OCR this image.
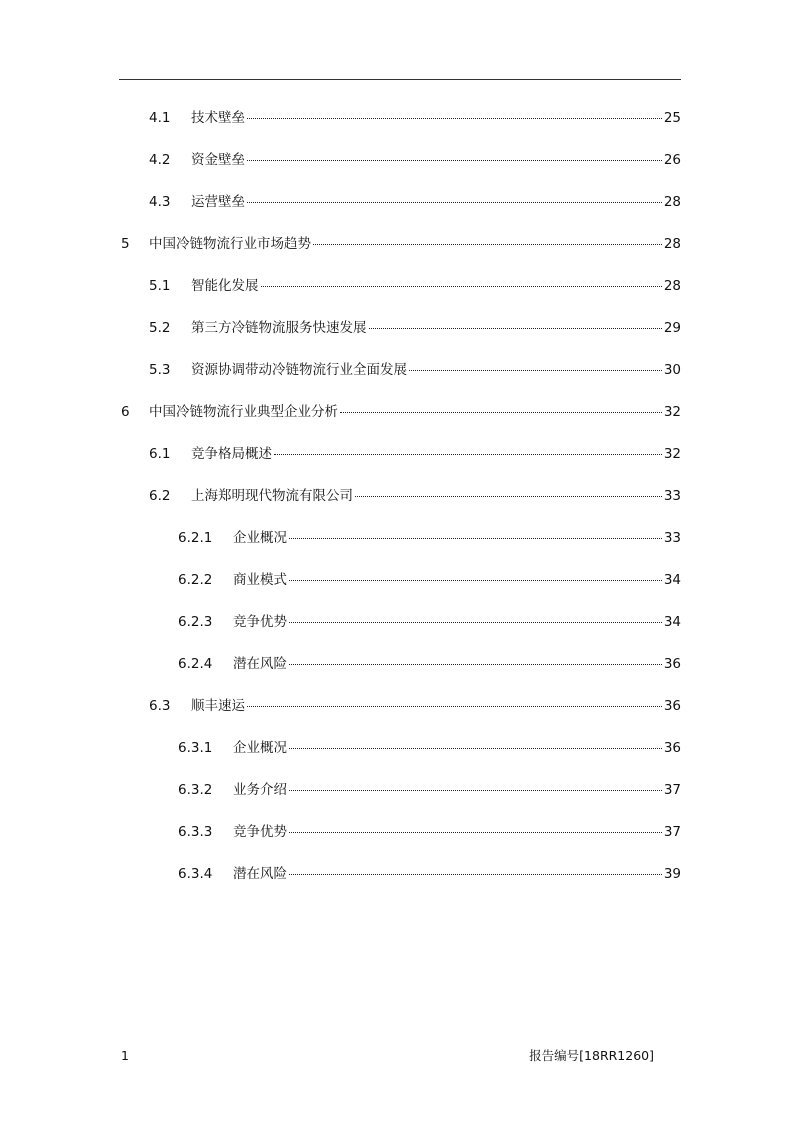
4.1	技术壁垒	25
4.2	资金壁垒	26
4.3	运营壁垒	28
5	中国冷链物流行业市场趋势	28
5.1	智能化发展	28
5.2	第三方冷链物流服务快速发展	29
5.3	资源协调带动冷链物流行业全面发展	30
6	中国冷链物流行业典型企业分析	32
6.1	竞争格局概述	32
6.2	上海郑明现代物流有限公司	33
6.2.1	企业概况	33
6.2.2	商业模式	34
6.2.3	竞争优势	34
6.2.4	潜在风险	36
6.3	顺丰速运	36
6.3.1	企业概况	36
6.3.2	业务介绍	37
6.3.3	竞争优势	37
6.3.4	潜在风险	39
1	报告编号[18RR1260]
